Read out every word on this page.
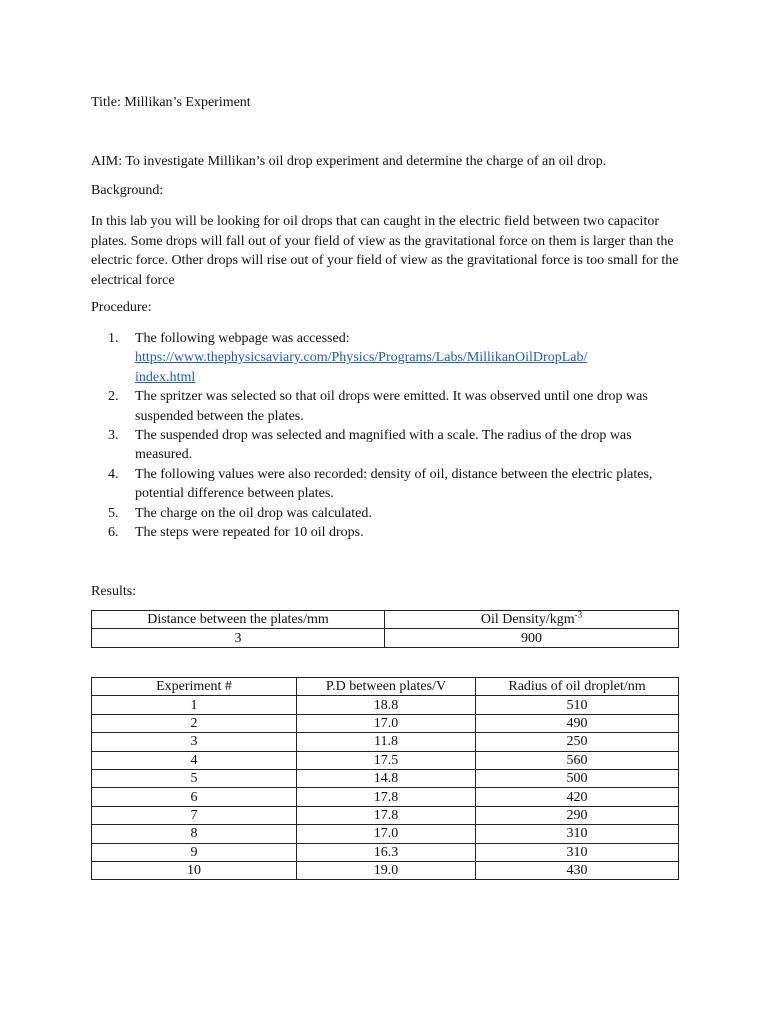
Title: Millikan’s Experiment

AIM: To investigate Millikan’s oil drop experiment and determine the charge of an oil drop.

Background:

In this lab you will be looking for oil drops that can caught in the electric field between two capacitor plates. Some drops will fall out of your field of view as the gravitational force on them is larger than the electric force. Other drops will rise out of your field of view as the gravitational force is too small for the electrical force

Procedure:

1.	The following webpage was accessed:
https://www.thephysicsaviary.com/Physics/Programs/Labs/MillikanOilDropLab/
index.html
2.	The spritzer was selected so that oil drops were emitted. It was observed until one drop was suspended between the plates.
3.	The suspended drop was selected and magnified with a scale. The radius of the drop was measured.
4.	The following values were also recorded: density of oil, distance between the electric plates, potential difference between plates.
5.	The charge on the oil drop was calculated.
6.	The steps were repeated for 10 oil drops.

Results:

Distance between the plates/mm	Oil Density/kgm$^{-3}$
3	900
Experiment #	P.D between plates/V	Radius of oil droplet/nm
1	18.8	510
2	17.0	490
3	11.8	250
4	17.5	560
5	14.8	500
6	17.8	420
7	17.8	290
8	17.0	310
9	16.3	310
10	19.0	430
